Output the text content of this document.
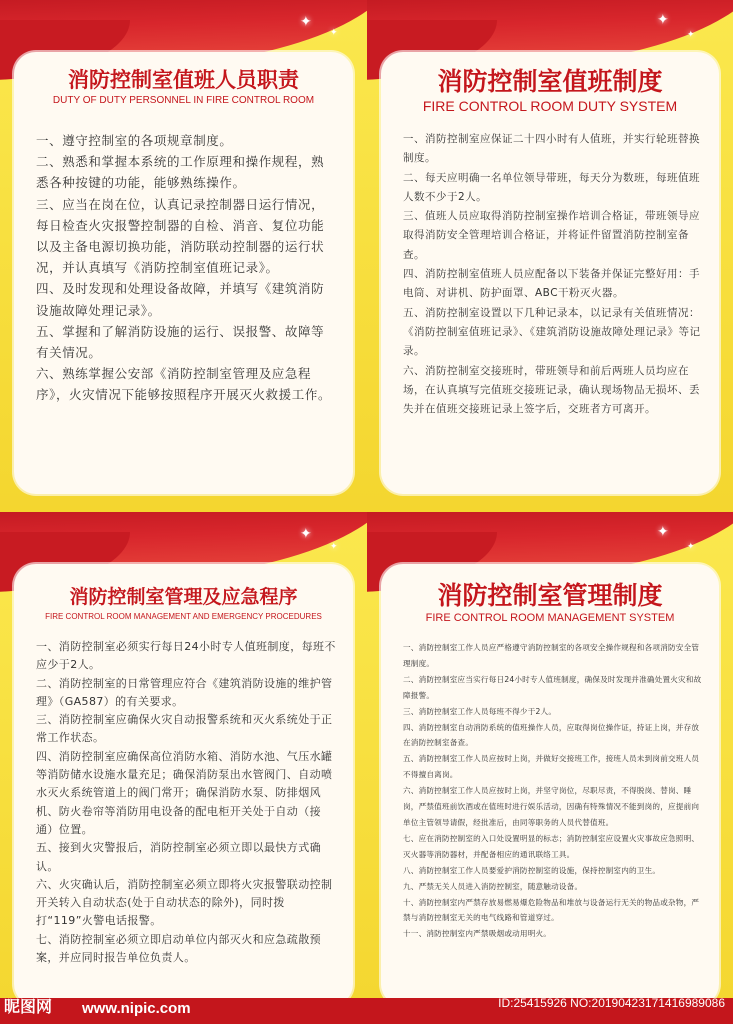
✦
✦
消防控制室值班人员职责
DUTY OF DUTY PERSONNEL IN FIRE CONTROL ROOM

一、遵守控制室的各项规章制度。

二、熟悉和掌握本系统的工作原理和操作规程，熟悉各种按键的功能，能够熟练操作。

三、应当在岗在位，认真记录控制器日运行情况，每日检查火灾报警控制器的自检、消音、复位功能以及主备电源切换功能，消防联动控制器的运行状况，并认真填写《消防控制室值班记录》。

四、及时发现和处理设备故障，并填写《建筑消防设施故障处理记录》。

五、掌握和了解消防设施的运行、误报警、故障等有关情况。

六、熟练掌握公安部《消防控制室管理及应急程序》，火灾情况下能够按照程序开展灭火救援工作。

✦
✦
消防控制室值班制度
FIRE CONTROL ROOM DUTY SYSTEM

一、消防控制室应保证二十四小时有人值班，并实行轮班替换制度。

二、每天应明确一名单位领导带班，每天分为数班，每班值班人数不少于2人。

三、值班人员应取得消防控制室操作培训合格证，带班领导应取得消防安全管理培训合格证，并将证件留置消防控制室备查。

四、消防控制室值班人员应配备以下装备并保证完整好用：手电筒、对讲机、防护面罩、ABC干粉灭火器。

五、消防控制室设置以下几种记录本，以记录有关值班情况：《消防控制室值班记录》、《建筑消防设施故障处理记录》等记录。

六、消防控制室交接班时，带班领导和前后两班人员均应在场，在认真填写完值班交接班记录，确认现场物品无损坏、丢失并在值班交接班记录上签字后，交班者方可离开。

✦
✦
消防控制室管理及应急程序
FIRE CONTROL ROOM MANAGEMENT AND EMERGENCY PROCEDURES

一、消防控制室必须实行每日24小时专人值班制度，每班不应少于2人。

二、消防控制室的日常管理应符合《建筑消防设施的维护管理》（GA587）的有关要求。

三、消防控制室应确保火灾自动报警系统和灭火系统处于正常工作状态。

四、消防控制室应确保高位消防水箱、消防水池、气压水罐等消防储水设施水量充足；确保消防泵出水管阀门、自动喷水灭火系统管道上的阀门常开；确保消防水泵、防排烟风机、防火卷帘等消防用电设备的配电柜开关处于自动（接通）位置。

五、接到火灾警报后，消防控制室必须立即以最快方式确认。

六、火灾确认后，消防控制室必须立即将火灾报警联动控制开关转入自动状态(处于自动状态的除外)，同时拨打“119”火警电话报警。

七、消防控制室必须立即启动单位内部灭火和应急疏散预案，并应同时报告单位负责人。

✦
✦
消防控制室管理制度
FIRE CONTROL ROOM MANAGEMENT SYSTEM

一、消防控制室工作人员应严格遵守消防控制室的各项安全操作规程和各项消防安全管理制度。

二、消防控制室应当实行每日24小时专人值班制度，确保及时发现并准确处置火灾和故障报警。

三、消防控制室工作人员每班不得少于2人。

四、消防控制室自动消防系统的值班操作人员，应取得岗位操作证，持证上岗，并存放在消防控制室备查。

五、消防控制室工作人员应按时上岗，并做好交接班工作，接班人员未到岗前交班人员不得擅自离岗。

六、消防控制室工作人员应按时上岗，并坚守岗位，尽职尽责，不得脱岗、替岗、睡岗，严禁值班前饮酒或在值班时进行娱乐活动，因确有特殊情况不能到岗的，应提前向单位主管领导请假，经批准后，由同等职务的人员代替值班。

七、应在消防控制室的入口处设置明显的标志；消防控制室应设置火灾事故应急照明、灭火器等消防器材，并配备相应的通讯联络工具。

八、消防控制室工作人员要爱护消防控制室的设施，保持控制室内的卫生。

九、严禁无关人员进入消防控制室，随意触动设备。

十、消防控制室内严禁存放易燃易爆危险物品和堆放与设备运行无关的物品或杂物，严禁与消防控制室无关的电气线路和管道穿过。

十一、消防控制室内严禁吸烟或动用明火。

昵图网 www.nipic.com	ID:25415926 NO:20190423171416989086
